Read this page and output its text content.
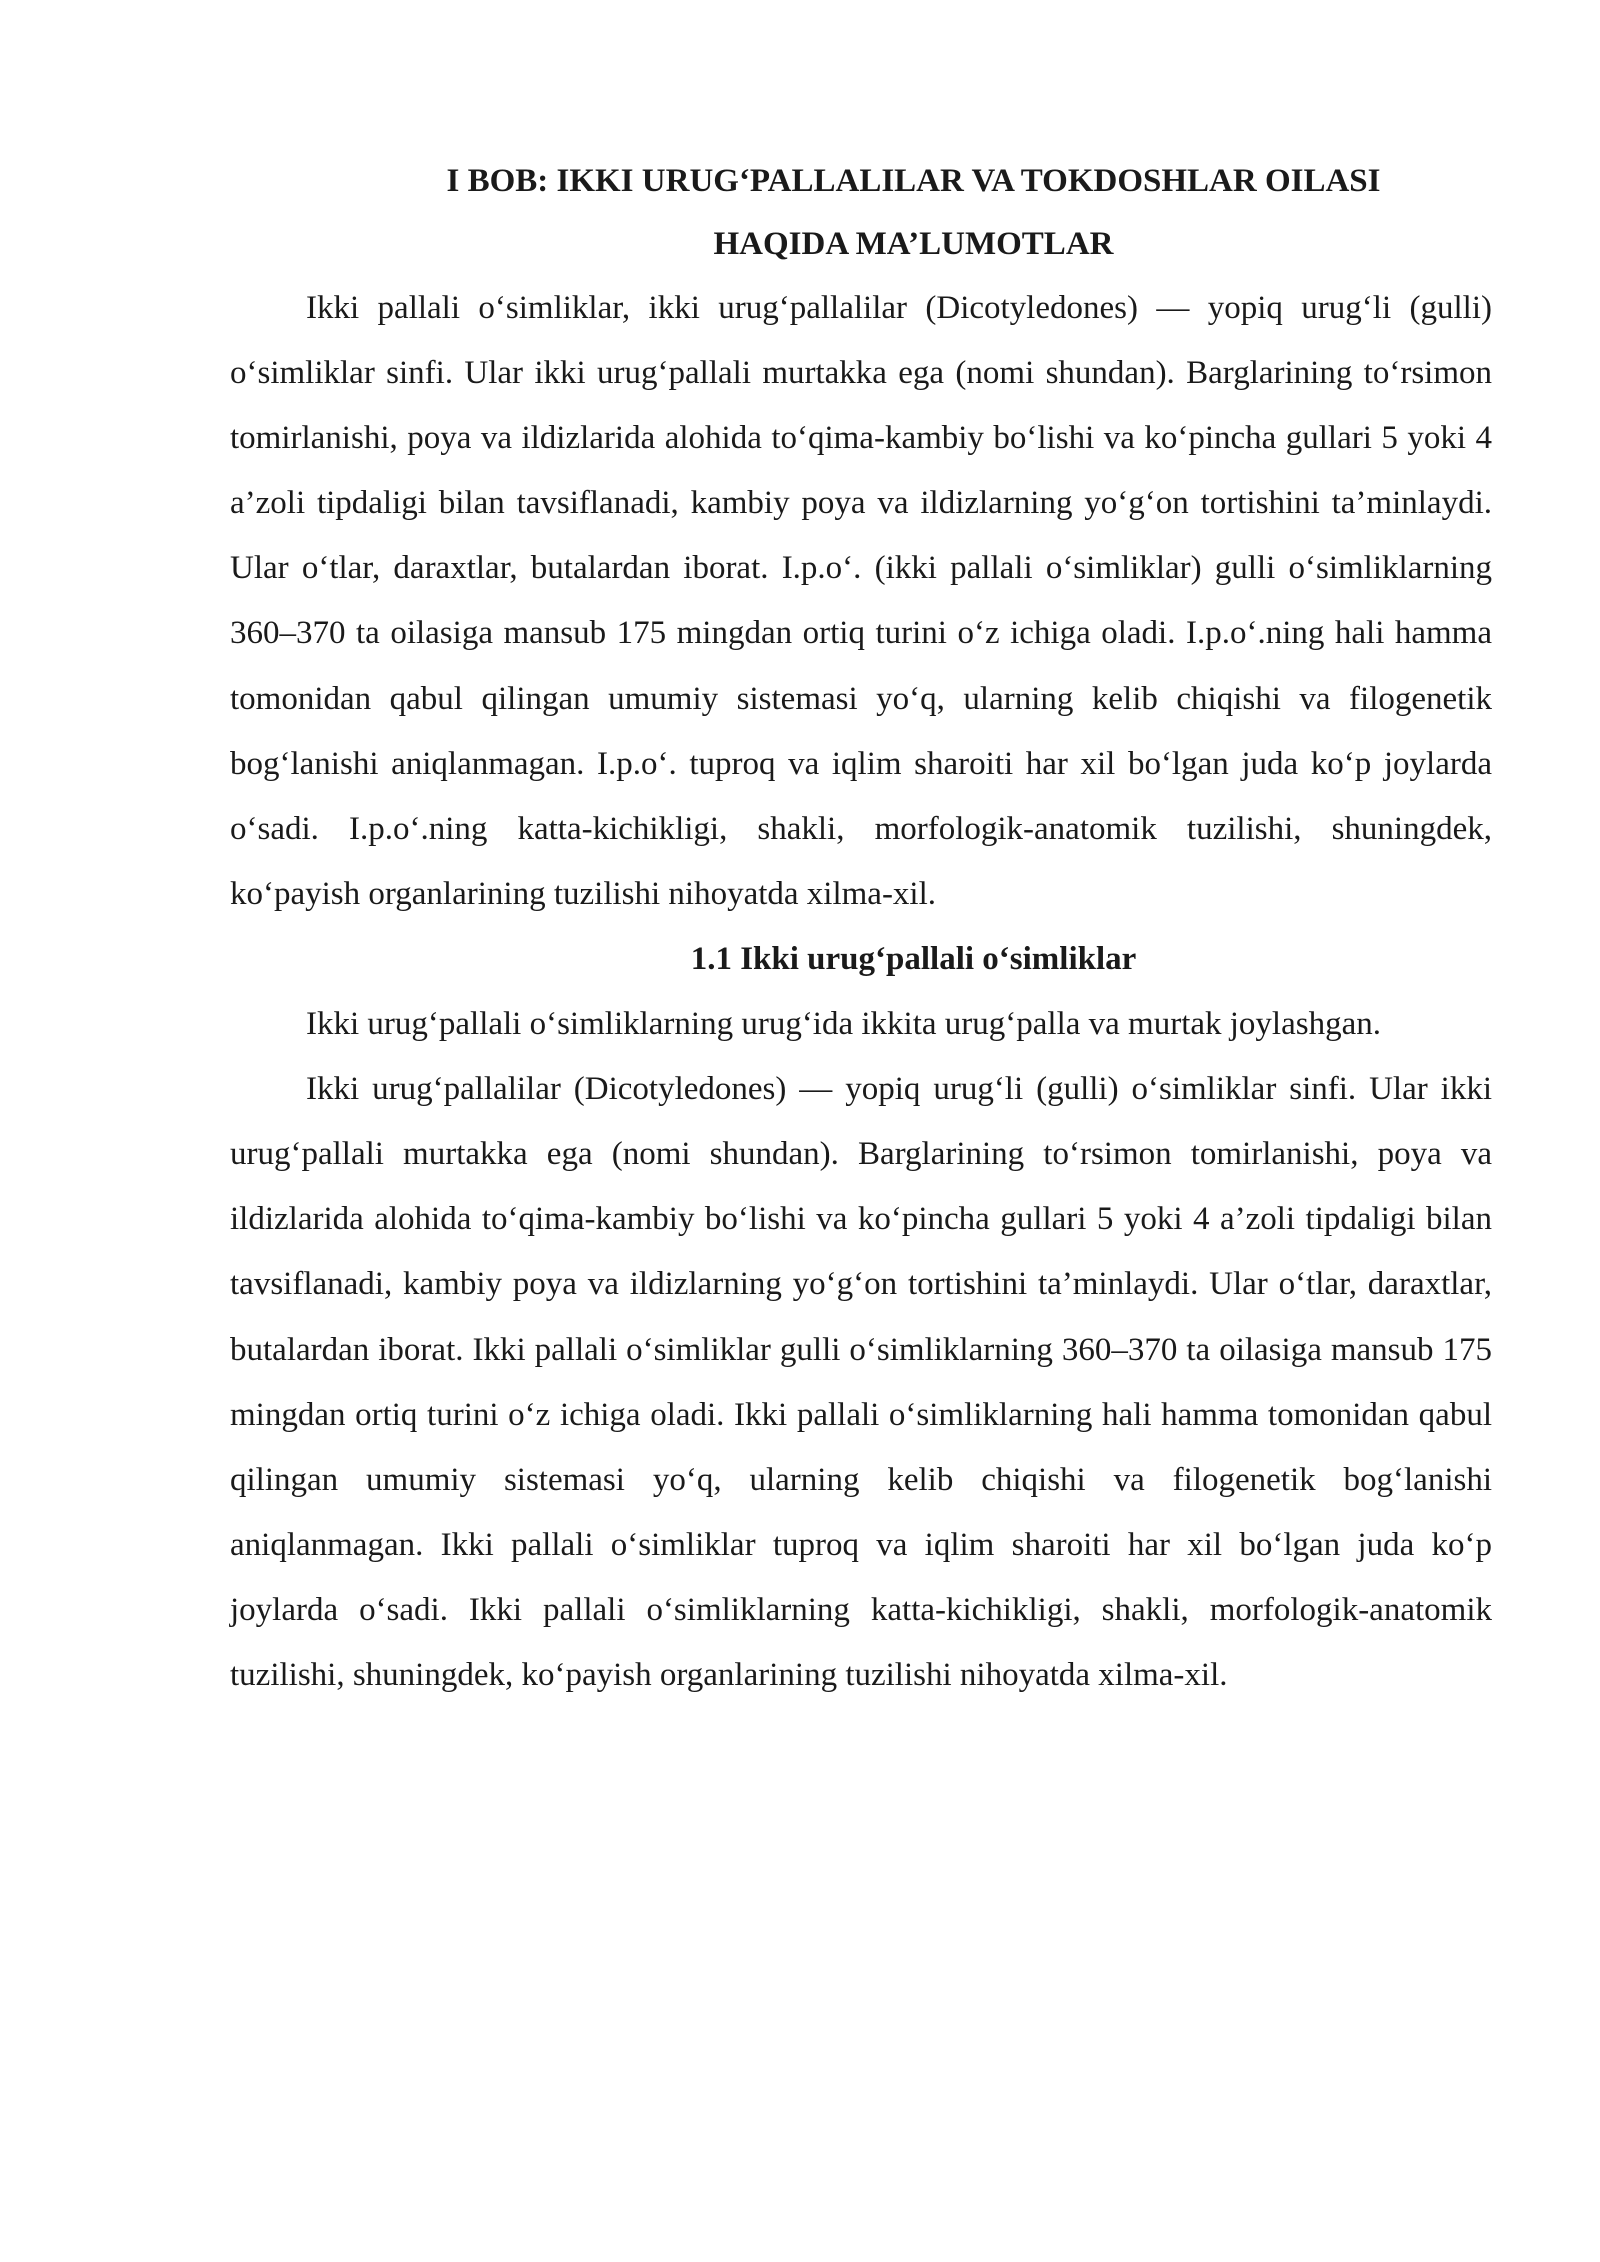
I BOB: IKKI URUG‘PALLALILAR VA TOKDOSHLAR OILASI
HAQIDA MA’LUMOTLAR

Ikki pallali o‘simliklar, ikki urug‘pallalilar (Dicotyledones) — yopiq urug‘li (gulli) o‘simliklar sinfi. Ular ikki urug‘pallali murtakka ega (nomi shundan). Barglarining to‘rsimon tomirlanishi, poya va ildizlarida alohida to‘qima-kambiy bo‘lishi va ko‘pincha gullari 5 yoki 4 a’zoli tipdaligi bilan tavsiflanadi, kambiy poya va ildizlarning yo‘g‘on tortishini ta’minlaydi. Ular o‘tlar, daraxtlar, butalardan iborat. I.p.o‘. (ikki pallali o‘simliklar) gulli o‘simliklarning 360–370 ta oilasiga mansub 175 mingdan ortiq turini o‘z ichiga oladi. I.p.o‘.ning hali hamma tomonidan qabul qilingan umumiy sistemasi yo‘q, ularning kelib chiqishi va filogenetik bog‘lanishi aniqlanmagan. I.p.o‘. tuproq va iqlim sharoiti har xil bo‘lgan juda ko‘p joylarda o‘sadi. I.p.o‘.ning katta-kichikligi, shakli, morfologik-anatomik tuzilishi, shuningdek, ko‘payish organlarining tuzilishi nihoyatda xilma-xil.

1.1 Ikki urug‘pallali o‘simliklar

Ikki urug‘pallali o‘simliklarning urug‘ida ikkita urug‘palla va murtak joylashgan.

Ikki urug‘pallalilar (Dicotyledones) — yopiq urug‘li (gulli) o‘simliklar sinfi. Ular ikki urug‘pallali murtakka ega (nomi shundan). Barglarining to‘rsimon tomirlanishi, poya va ildizlarida alohida to‘qima-kambiy bo‘lishi va ko‘pincha gullari 5 yoki 4 a’zoli tipdaligi bilan tavsiflanadi, kambiy poya va ildizlarning yo‘g‘on tortishini ta’minlaydi. Ular o‘tlar, daraxtlar, butalardan iborat. Ikki pallali o‘simliklar gulli o‘simliklarning 360–370 ta oilasiga mansub 175 mingdan ortiq turini o‘z ichiga oladi. Ikki pallali o‘simliklarning hali hamma tomonidan qabul qilingan umumiy sistemasi yo‘q, ularning kelib chiqishi va filogenetik bog‘lanishi aniqlanmagan. Ikki pallali o‘simliklar tuproq va iqlim sharoiti har xil bo‘lgan juda ko‘p joylarda o‘sadi. Ikki pallali o‘simliklarning katta-kichikligi, shakli, morfologik-anatomik tuzilishi, shuningdek, ko‘payish organlarining tuzilishi nihoyatda xilma-xil.
